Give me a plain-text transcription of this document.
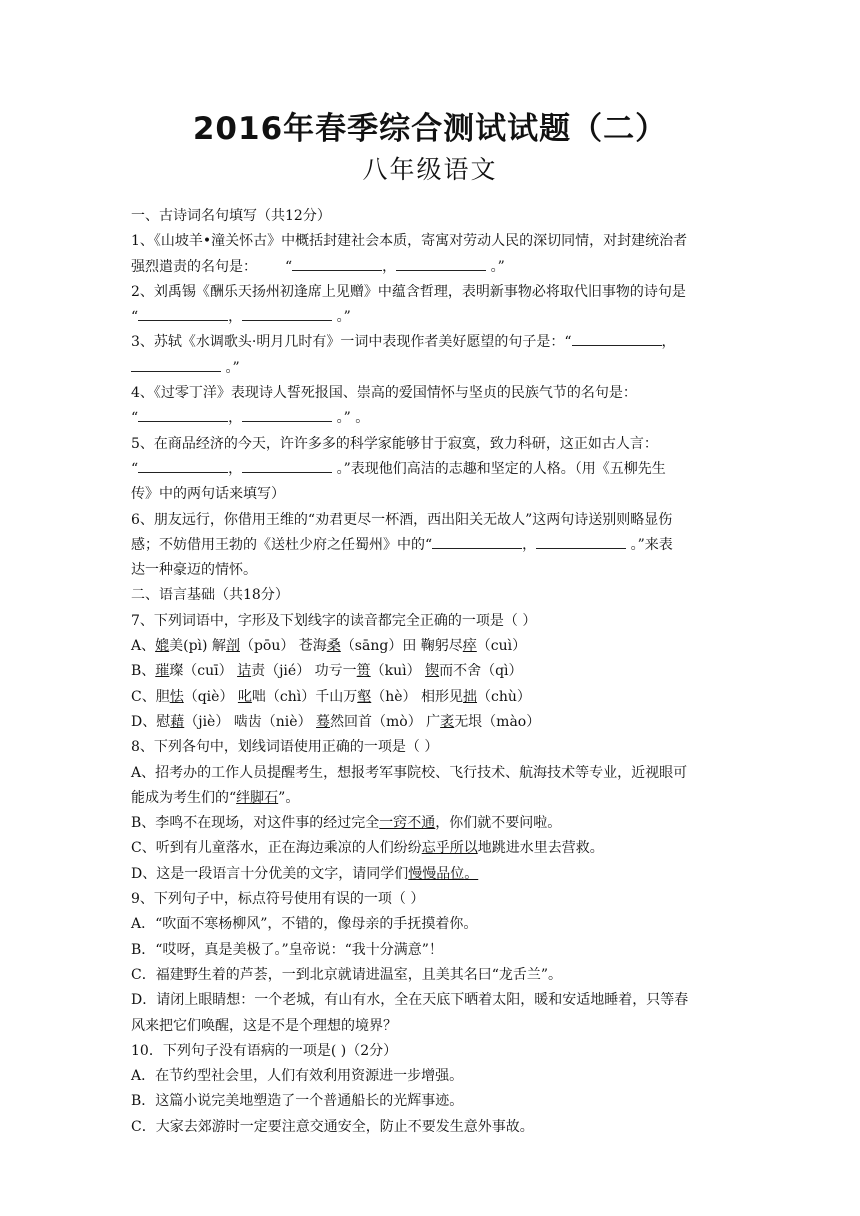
2016年春季综合测试试题（二）
八年级语文

一、古诗词名句填写（共12分）

1、《山坡羊•潼关怀古》中概括封建社会本质，寄寓对劳动人民的深切同情，对封建统治者

强烈遣责的名句是： “	，	。”

2、刘禹锡《酬乐天扬州初逢席上见赠》中蕴含哲理，表明新事物必将取代旧事物的诗句是

“	，	。”

3、苏轼《水调歌头·明月几时有》一词中表现作者美好愿望的句子是：“	，

。”

4、《过零丁洋》表现诗人誓死报国、崇高的爱国情怀与坚贞的民族气节的名句是：

“	，	。” 。

5、在商品经济的今天，许许多多的科学家能够甘于寂寞，致力科研，这正如古人言：

“	，	。”表现他们高洁的志趣和坚定的人格。（用《五柳先生

传》中的两句话来填写）

6、朋友远行，你借用王维的“劝君更尽一杯酒，西出阳关无故人”这两句诗送别则略显伤

感；不妨借用王勃的《送杜少府之任蜀州》中的“	，	。”来表

达一种豪迈的情怀。

二、语言基础（共18分）

7、下列词语中，字形及下划线字的读音都完全正确的一项是（ ）

A、媲美(pì) 解剖（pōu） 苍海桑（sāng）田 鞠躬尽瘁（cuì）

B、璀璨（cuī） 诘责（jié） 功亏一篑（kuì） 锲而不舍（qì）

C、胆怯（qiè） 叱咄（chì）千山万壑（hè） 相形见拙（chù）

D、慰藉（jiè） 啮齿（niè） 蓦然回首（mò） 广袤无垠（mào）

8、下列各句中，划线词语使用正确的一项是（ ）

A、招考办的工作人员提醒考生，想报考军事院校、飞行技术、航海技术等专业，近视眼可

能成为考生们的“绊脚石”。

B、李鸣不在现场，对这件事的经过完全一窍不通，你们就不要问啦。

C、听到有儿童落水，正在海边乘凉的人们纷纷忘乎所以地跳进水里去营救。

D、这是一段语言十分优美的文字，请同学们慢慢品位。

9、下列句子中，标点符号使用有误的一项（ ）

A．“吹面不寒杨柳风”，不错的，像母亲的手抚摸着你。

B．“哎呀，真是美极了。”皇帝说：“我十分满意”！

C．福建野生着的芦荟，一到北京就请进温室，且美其名曰“龙舌兰”。

D．请闭上眼睛想：一个老城，有山有水，全在天底下晒着太阳，暖和安适地睡着，只等春

风来把它们唤醒，这是不是个理想的境界？

10．下列句子没有语病的一项是( )（2分）

A．在节约型社会里，人们有效利用资源进一步增强。

B．这篇小说完美地塑造了一个普通船长的光辉事迹。

C．大家去郊游时一定要注意交通安全，防止不要发生意外事故。
